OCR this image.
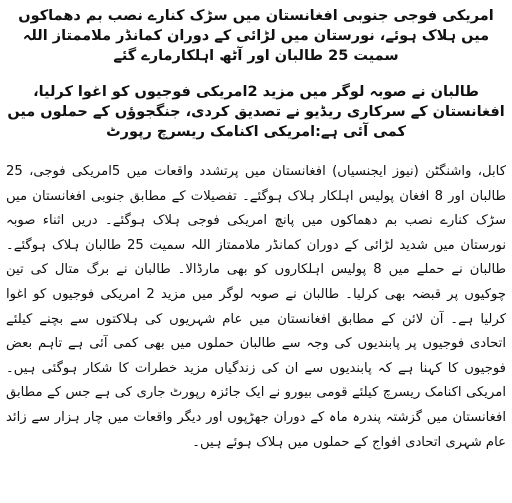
امریکی فوجی جنوبی افغانستان میں سڑک کنارے نصب بم دھماکوں میں ہلاک ہوئے، نورستان میں لڑائی کے دوران کمانڈر ملاممتاز اللہ سمیت 25 طالبان اور آٹھ اہلکارمارے گئے
طالبان نے صوبہ لوگر میں مزید 2امریکی فوجیوں کو اغوا کرلیا، افغانستان کے سرکاری ریڈیو نے تصدیق کردی، جنگجوؤں کے حملوں میں کمی آئی ہے:امریکی اکنامک ریسرچ رپورٹ

کابل، واشنگٹن (نیوز ایجنسیاں) افغانستان میں پرتشدد واقعات میں 5امریکی فوجی، 25 طالبان اور 8 افغان پولیس اہلکار ہلاک ہوگئے۔ تفصیلات کے مطابق جنوبی افغانستان میں سڑک کنارے نصب بم دھماکوں میں پانچ امریکی فوجی ہلاک ہوگئے۔ دریں اثناء صوبہ نورستان میں شدید لڑائی کے دوران کمانڈر ملاممتاز اللہ سمیت 25 طالبان ہلاک ہوگئے۔ طالبان نے حملے میں 8 پولیس اہلکاروں کو بھی مارڈالا۔ طالبان نے برگ متال کی تین چوکیوں پر قبضہ بھی کرلیا۔ طالبان نے صوبہ لوگر میں مزید 2 امریکی فوجیوں کو اغوا کرلیا ہے۔ آن لائن کے مطابق افغانستان میں عام شہریوں کی ہلاکتوں سے بچنے کیلئے اتحادی فوجیوں پر پابندیوں کی وجہ سے طالبان حملوں میں بھی کمی آئی ہے تاہم بعض فوجیوں کا کہنا ہے کہ پابندیوں سے ان کی زندگیاں مزید خطرات کا شکار ہوگئی ہیں۔ امریکی اکنامک ریسرچ کیلئے قومی بیورو نے ایک جائزہ رپورٹ جاری کی ہے جس کے مطابق افغانستان میں گزشتہ پندرہ ماہ کے دوران جھڑپوں اور دیگر واقعات میں چار ہزار سے زائد عام شہری اتحادی افواج کے حملوں میں ہلاک ہوئے ہیں۔
